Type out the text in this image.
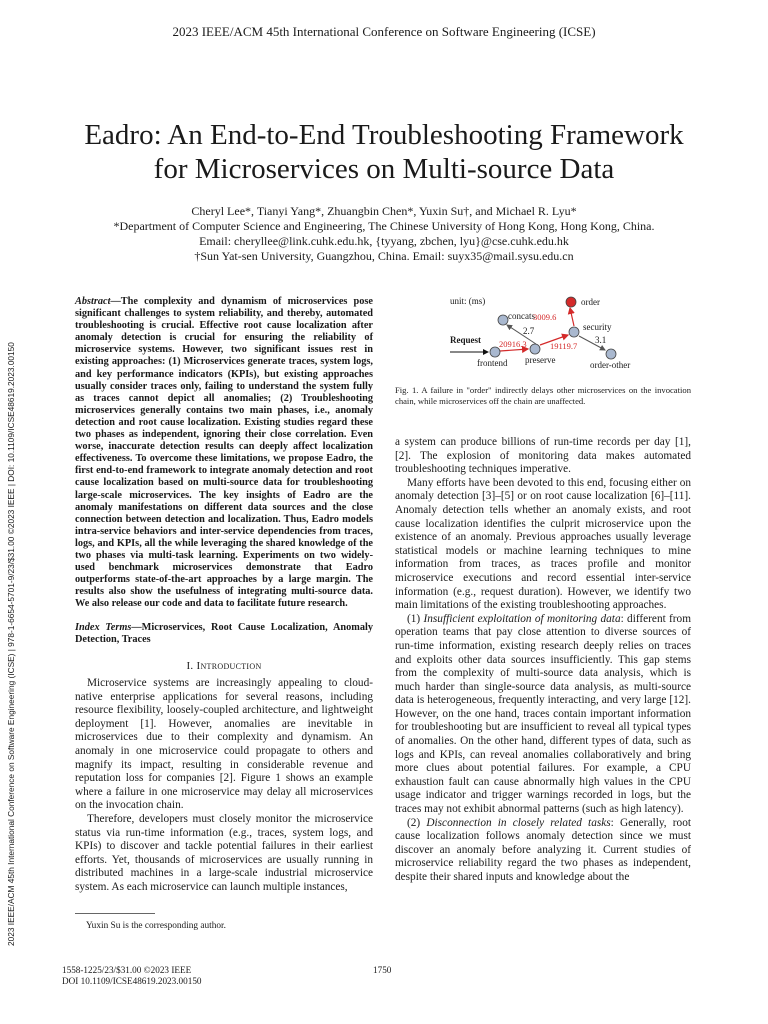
2023 IEEE/ACM 45th International Conference on Software Engineering (ICSE)
Eadro: An End-to-End Troubleshooting Framework
for Microservices on Multi-source Data
Cheryl Lee*, Tianyi Yang*, Zhuangbin Chen*, Yuxin Su†, and Michael R. Lyu*
*Department of Computer Science and Engineering, The Chinese University of Hong Kong, Hong Kong, China.
Email: cheryllee@link.cuhk.edu.hk, {tyyang, zbchen, lyu}@cse.cuhk.edu.hk
†Sun Yat-sen University, Guangzhou, China. Email: suyx35@mail.sysu.edu.cn
2023 IEEE/ACM 45th International Conference on Software Engineering (ICSE) | 978-1-6654-5701-9/23/$31.00 ©2023 IEEE | DOI: 10.1109/ICSE48619.2023.00150

Abstract—The complexity and dynamism of microservices pose significant challenges to system reliability, and thereby, automated troubleshooting is crucial. Effective root cause localization after anomaly detection is crucial for ensuring the reliability of microservice systems. However, two significant issues rest in existing approaches: (1) Microservices generate traces, system logs, and key performance indicators (KPIs), but existing approaches usually consider traces only, failing to understand the system fully as traces cannot depict all anomalies; (2) Troubleshooting microservices generally contains two main phases, i.e., anomaly detection and root cause localization. Existing studies regard these two phases as independent, ignoring their close correlation. Even worse, inaccurate detection results can deeply affect localization effectiveness. To overcome these limitations, we propose Eadro, the first end-to-end framework to integrate anomaly detection and root cause localization based on multi-source data for troubleshooting large-scale microservices. The key insights of Eadro are the anomaly manifestations on different data sources and the close connection between detection and localization. Thus, Eadro models intra-service behaviors and inter-service dependencies from traces, logs, and KPIs, all the while leveraging the shared knowledge of the two phases via multi-task learning. Experiments on two widely-used benchmark microservices demonstrate that Eadro outperforms state-of-the-art approaches by a large margin. The results also show the usefulness of integrating multi-source data. We also release our code and data to facilitate future research.

Index Terms—Microservices, Root Cause Localization, Anomaly Detection, Traces

I. Introduction

Microservice systems are increasingly appealing to cloud-native enterprise applications for several reasons, including resource flexibility, loosely-coupled architecture, and lightweight deployment [1]. However, anomalies are inevitable in microservices due to their complexity and dynamism. An anomaly in one microservice could propagate to others and magnify its impact, resulting in considerable revenue and reputation loss for companies [2]. Figure 1 shows an example where a failure in one microservice may delay all microservices on the invocation chain.

Therefore, developers must closely monitor the microservice status via run-time information (e.g., traces, system logs, and KPIs) to discover and tackle potential failures in their earliest efforts. Yet, thousands of microservices are usually running in distributed machines in a large-scale industrial microservice system. As each microservice can launch multiple instances,

Yuxin Su is the corresponding author.
unit: (ms)
Request
frontend preserve
concats
security
order
order-other
20916.3
2.7
19119.7
3009.6
3.1
Fig. 1. A failure in "order" indirectly delays other microservices on the invocation chain, while microservices off the chain are unaffected.

a system can produce billions of run-time records per day [1], [2]. The explosion of monitoring data makes automated troubleshooting techniques imperative.

Many efforts have been devoted to this end, focusing either on anomaly detection [3]–[5] or on root cause localization [6]–[11]. Anomaly detection tells whether an anomaly exists, and root cause localization identifies the culprit microservice upon the existence of an anomaly. Previous approaches usually leverage statistical models or machine learning techniques to mine information from traces, as traces profile and monitor microservice executions and record essential inter-service information (e.g., request duration). However, we identify two main limitations of the existing troubleshooting approaches.

(1) Insufficient exploitation of monitoring data: different from operation teams that pay close attention to diverse sources of run-time information, existing research deeply relies on traces and exploits other data sources insufficiently. This gap stems from the complexity of multi-source data analysis, which is much harder than single-source data analysis, as multi-source data is heterogeneous, frequently interacting, and very large [12]. However, on the one hand, traces contain important information for troubleshooting but are insufficient to reveal all typical types of anomalies. On the other hand, different types of data, such as logs and KPIs, can reveal anomalies collaboratively and bring more clues about potential failures. For example, a CPU exhaustion fault can cause abnormally high values in the CPU usage indicator and trigger warnings recorded in logs, but the traces may not exhibit abnormal patterns (such as high latency).

(2) Disconnection in closely related tasks: Generally, root cause localization follows anomaly detection since we must discover an anomaly before analyzing it. Current studies of microservice reliability regard the two phases as independent, despite their shared inputs and knowledge about the

1558-1225/23/$31.00 ©2023 IEEE
DOI 10.1109/ICSE48619.2023.00150
1750
